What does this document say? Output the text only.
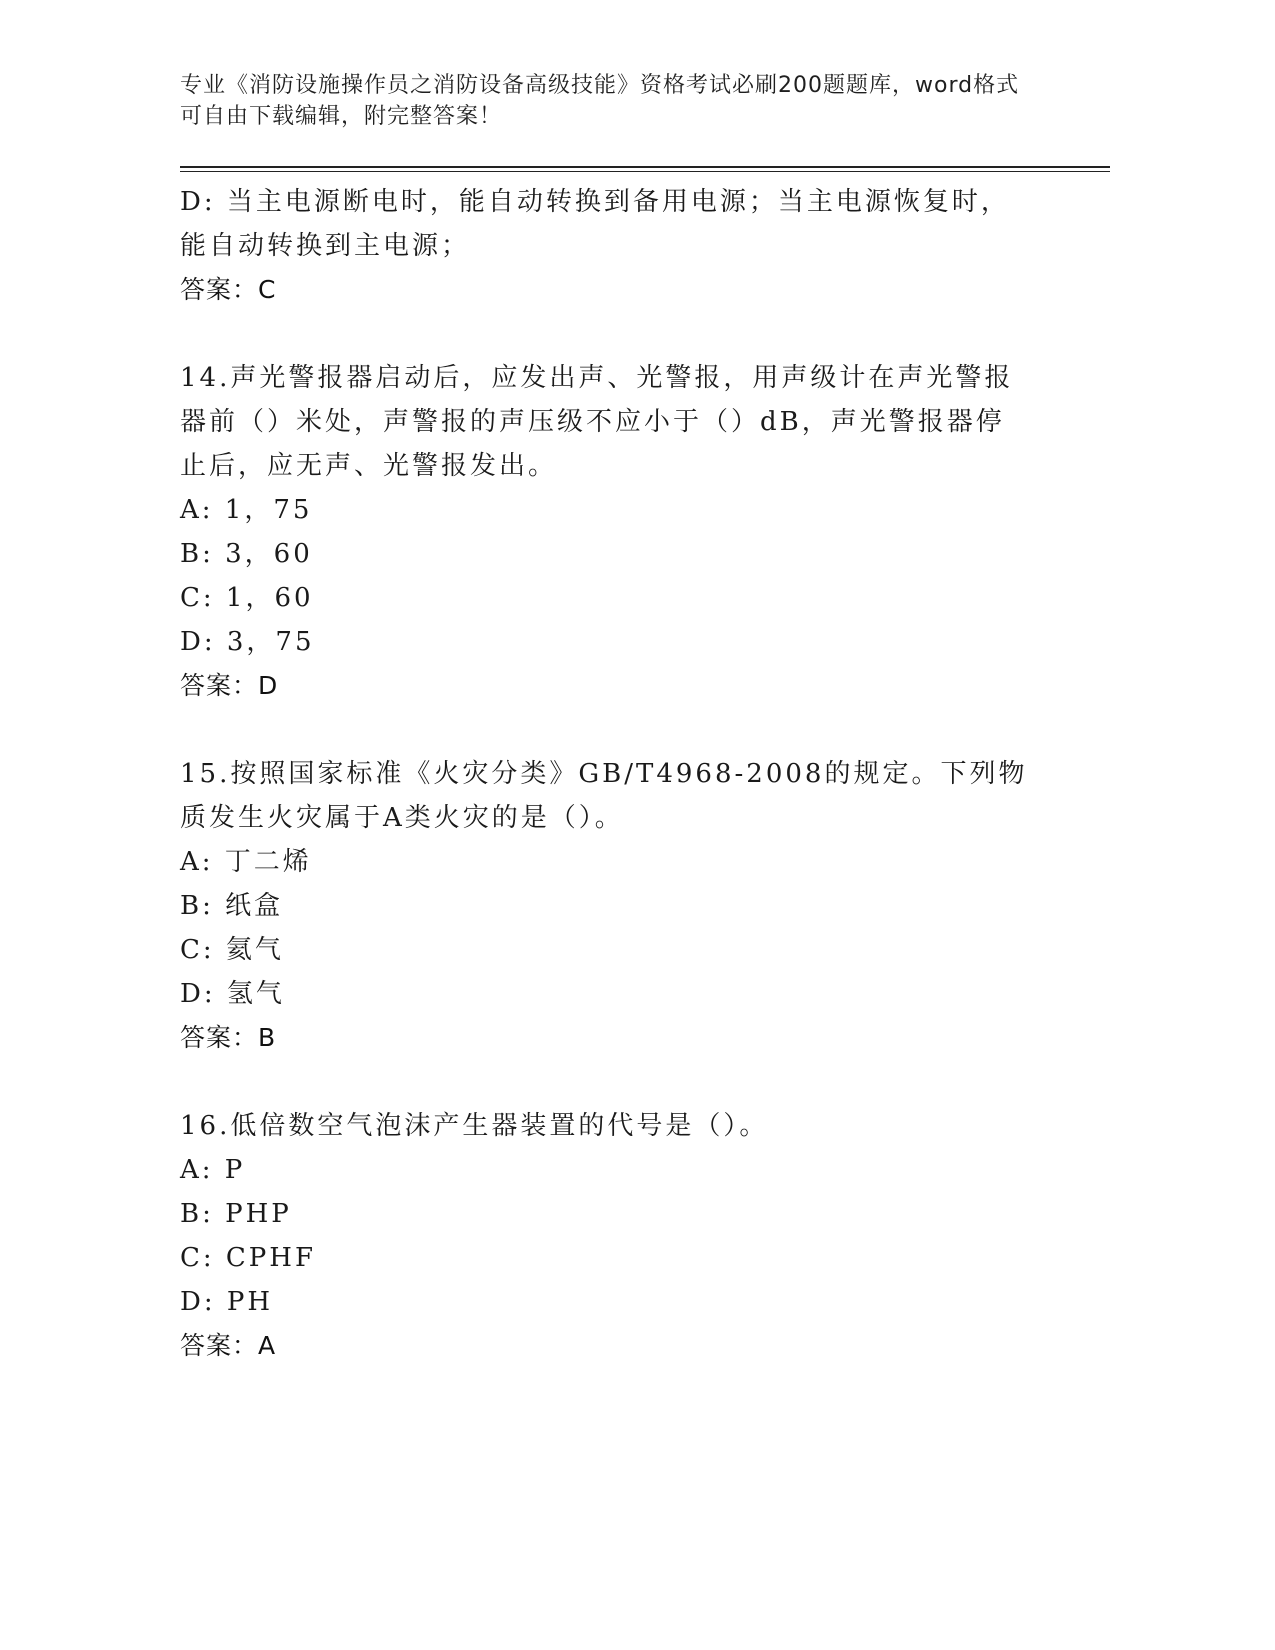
专业《消防设施操作员之消防设备高级技能》资格考试必刷200题题库，word格式可自由下载编辑，附完整答案！
D: 当主电源断电时，能自动转换到备用电源；当主电源恢复时，能自动转换到主电源；
答案：C
14.声光警报器启动后，应发出声、光警报，用声级计在声光警报器前（）米处，声警报的声压级不应小于（）dB，声光警报器停止后，应无声、光警报发出。
A: 1，75
B: 3，60
C: 1，60
D: 3，75
答案：D
15.按照国家标准《火灾分类》GB/T4968-2008的规定。下列物质发生火灾属于A类火灾的是（）。
A: 丁二烯
B: 纸盒
C: 氦气
D: 氢气
答案：B
16.低倍数空气泡沫产生器装置的代号是（）。
A: P
B: PHP
C: CPHF
D: PH
答案：A
